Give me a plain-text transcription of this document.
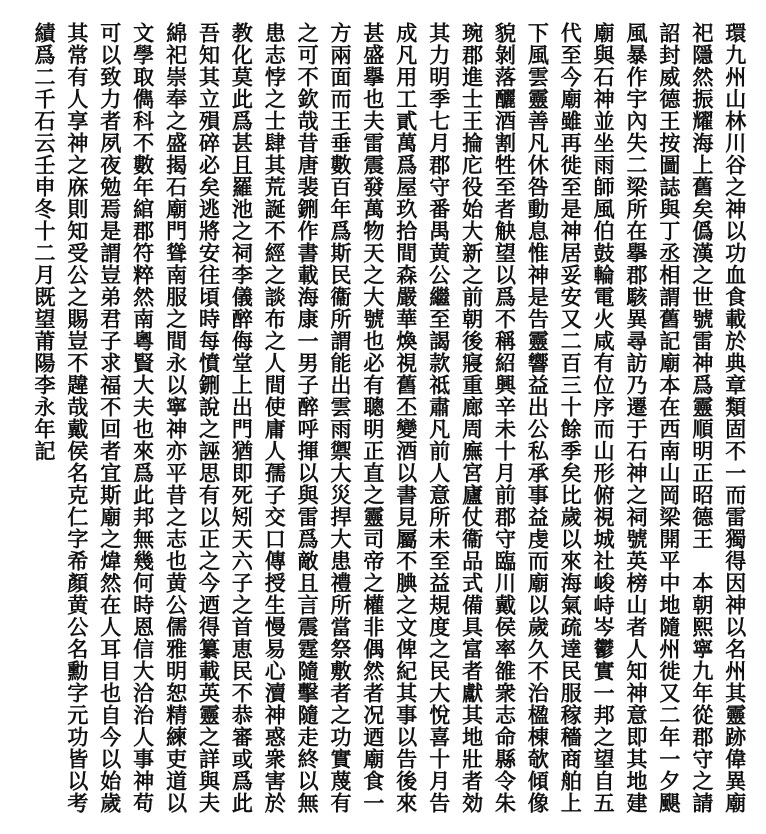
環九州山林川谷之神以功血食載於典章類固不一而雷獨得因神以名州其靈跡偉異廟
祀隱然振耀海上舊矣僞漢之世號雷神爲靈順明正昭德王　本朝熙寧九年從郡守之請
詔封威德王按圖誌與丁丞相謂舊記廟本在西南山岡梁開平中地隨州徙又二年一夕颶
風暴作宇內失二梁所在擧郡駭異尋訪乃遷于石神之祠號英榜山者人知神意即其地建
廟與石神並坐雨師風伯鼓輪電火咸有位序而山形俯視城社峻峙岑鬱實一邦之望自五
代至今廟雖再徙至是神居妥安又二百三十餘季矣比歲以來海氣疏達民服稼穡商舶上
下風雲靈善凡休咎動息惟神是告靈響益出公私承事益虔而廟以歲久不治楹棟欹傾像
貌剝落釃酒割牲至者觖望以爲不稱紹興辛未十月前郡守臨川戴侯率雒衆志命縣令朱
琬郡進士王掄庀役始大新之前朝後寢重廊周廡宮廬仗衞品式備具富者獻其地壯者効
其力明季七月郡守番禺黄公繼至謁款祗肅凡前人意所未至益規度之民大悅喜十月告
成凡用工貳萬爲屋玖拾間森嚴華煥視舊丕變酒以書見屬不腆之文俾紀其事以告後來
甚盛擧也夫雷震發萬物天之大號也必有聰明正直之靈司帝之權非偶然者况迺廟食一
方兩面而王垂數百年爲斯民衞所謂能出雲雨禦大災捍大患禮所當祭敷者之功實蔑有
之可不欽哉昔唐裴鉶作書載海康一男子醉呼揮以與雷爲敵且言震霆隨擊隨走終以無
患志悖之士肆其荒誕不經之談布之人間使庸人孺子交口傳授生慢易心瀆神惑衆害於
教化莫此爲甚且羅池之祠李儀醉侮堂上出門猶即死矧天六子之首恵民不恭審或爲此
吾知其立殞碎必矣逃將安往頃時每憤鉶說之誣思有以正之今迺得纂載英靈之詳與夫
綿祀崇奉之盛揭石廟門聳南服之間永以寧神亦平昔之志也黄公儒雅明恕精練吏道以
文學取儁科不數年綰郡符粹然南粵賢大夫也來爲此邦無幾何時恩信大洽治人事神苟
可以致力者夙夜勉焉是謂豈弟君子求福不回者宜斯廟之煒然在人耳目也自今以始歲
其常有人享神之庥則知受公之賜豈不韙哉戴侯名克仁字希顏黄公名勳字元功皆以考
績爲二千石云壬申冬十二月既望莆陽李永年記
